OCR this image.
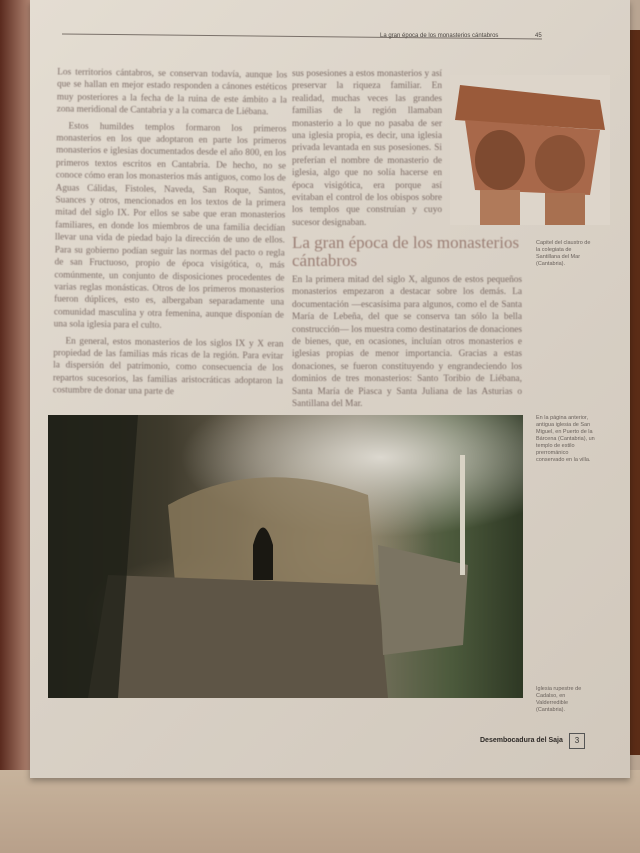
La gran época de los monasterios cántabros	45

Los territorios cántabros, se conservan todavía, aunque los que se hallan en mejor estado responden a cánones estéticos muy posteriores a la fecha de la ruina de este ámbito a la zona meridional de Cantabria y a la comarca de Liébana.

Estos humildes templos formaron los primeros monasterios en los que adoptaron en parte los primeros monasterios e iglesias documentados desde el año 800, en los primeros textos escritos en Cantabria. De hecho, no se conoce cómo eran los monasterios más antiguos, como los de Aguas Cálidas, Fistoles, Naveda, San Roque, Santos, Suances y otros, mencionados en los textos de la primera mitad del siglo IX. Por ellos se sabe que eran monasterios familiares, en donde los miembros de una familia decidían llevar una vida de piedad bajo la dirección de uno de ellos. Para su gobierno podían seguir las normas del pacto o regla de san Fructuoso, propio de época visigótica, o, más comúnmente, un conjunto de disposiciones procedentes de varias reglas monásticas. Otros de los primeros monasterios fueron dúplices, esto es, albergaban separadamente una comunidad masculina y otra femenina, aunque disponían de una sola iglesia para el culto.

En general, estos monasterios de los siglos IX y X eran propiedad de las familias más ricas de la región. Para evitar la dispersión del patrimonio, como consecuencia de los repartos sucesorios, las familias aristocráticas adoptaron la costumbre de donar una parte de

sus posesiones a estos monasterios y así preservar la riqueza familiar. En realidad, muchas veces las grandes familias de la región llamaban monasterio a lo que no pasaba de ser una iglesia propia, es decir, una iglesia privada levantada en sus posesiones. Si preferían el nombre de monasterio de iglesia, algo que no solía hacerse en época visigótica, era porque así evitaban el control de los obispos sobre los templos que construían y cuyo sucesor designaban.

Capitel del claustro de la colegiata de Santillana del Mar (Cantabria).
La gran época de los monasterios cántabros

En la primera mitad del siglo X, algunos de estos pequeños monasterios empezaron a destacar sobre los demás. La documentación —escasísima para algunos, como el de Santa María de Lebeña, del que se conserva tan sólo la bella construcción— los muestra como destinatarios de donaciones de bienes, que, en ocasiones, incluían otros monasterios e iglesias propias de menor importancia. Gracias a estas donaciones, se fueron constituyendo y engrandeciendo los dominios de tres monasterios: Santo Toribio de Liébana, Santa María de Piasca y Santa Juliana de las Asturias o Santillana del Mar.

En la página anterior, antigua iglesia de San Miguel, en Puerto de la Bárcena (Cantabria), un templo de estilo prerrománico conservado en la villa.
Iglesia rupestre de Cadalso, en Valderredible (Cantabria).
Desembocadura del Saja	3
